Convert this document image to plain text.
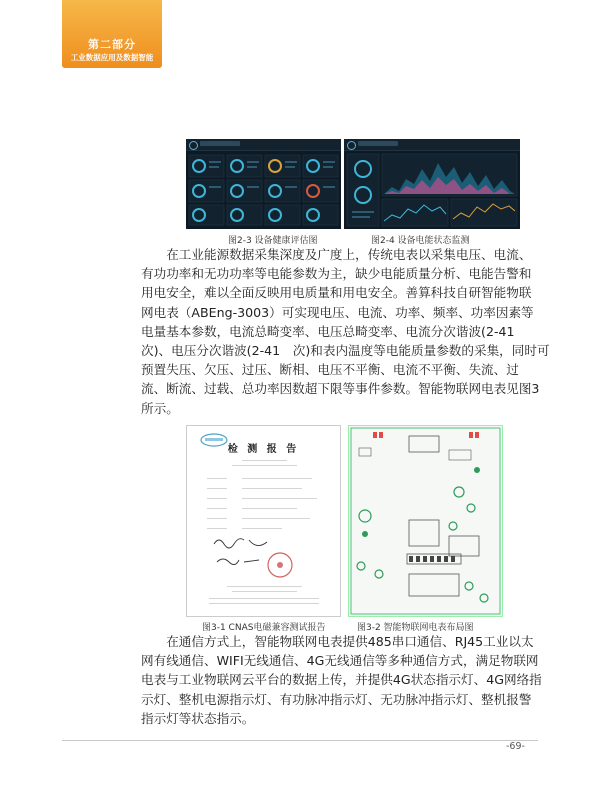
第二部分
工业数据应用及数据智能
图2-3 设备健康评估图	图2-4 设备电能状态监测
　　在工业能源数据采集深度及广度上，传统电表以采集电压、电流、
有功功率和无功功率等电能参数为主，缺少电能质量分析、电能告警和
用电安全，难以全面反映用电质量和用电安全。善算科技自研智能物联
网电表（ABEng-3003）可实现电压、电流、功率、频率、功率因素等
电量基本参数，电流总畸变率、电压总畸变率、电流分次谐波(2-41
次)、电压分次谐波(2-41　次)和表内温度等电能质量参数的采集，同时可
预置失压、欠压、过压、断相、电压不平衡、电流不平衡、失流、过
流、断流、过载、总功率因数超下限等事件参数。智能物联网电表见图3
所示。
检 测 报 告
图3-1 CNAS电磁兼容测试报告	图3-2 智能物联网电表布局图
　　在通信方式上，智能物联网电表提供485串口通信、RJ45工业以太
网有线通信、WIFI无线通信、4G无线通信等多种通信方式，满足物联网
电表与工业物联网云平台的数据上传，并提供4G状态指示灯、4G网络指
示灯、整机电源指示灯、有功脉冲指示灯、无功脉冲指示灯、整机报警
指示灯等状态指示。
-69-
